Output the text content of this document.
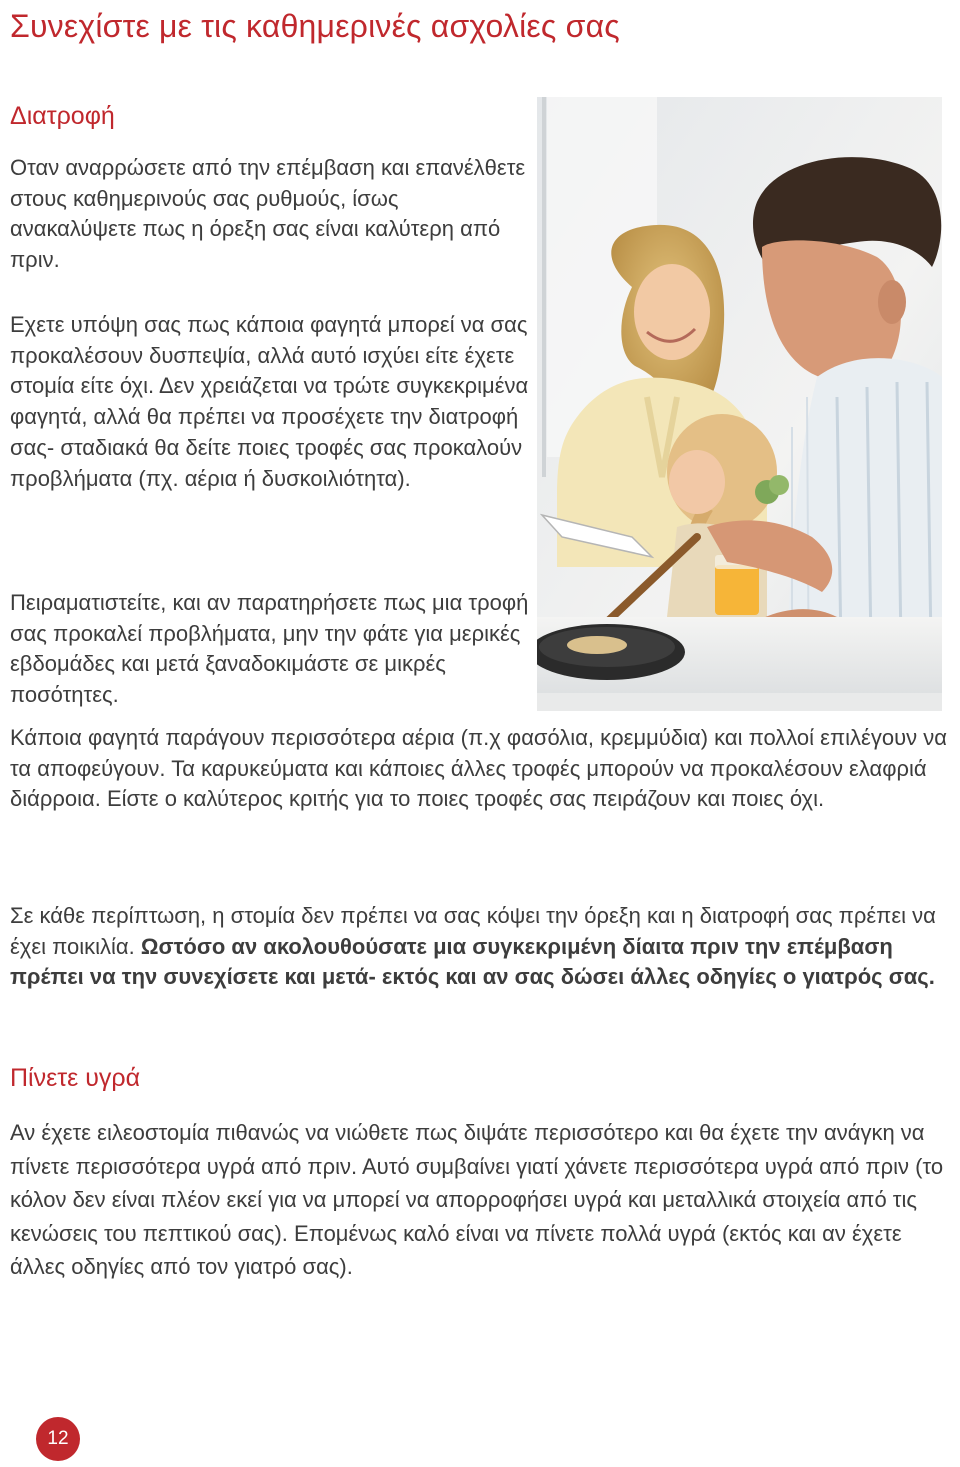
Συνεχίστε με τις καθημερινές ασχολίες σας
Διατροφή

Οταν αναρρώσετε από την επέμβαση και επανέλθετε στους καθημερινούς σας ρυθμούς, ίσως ανακαλύψετε πως η όρεξη σας είναι καλύτερη από πριν.

Εχετε υπόψη σας πως κάποια φαγητά μπορεί να σας προκαλέσουν δυσπεψία, αλλά αυτό ισχύει είτε έχετε στομία είτε όχι. Δεν χρειάζεται να τρώτε συγκεκριμένα φαγητά, αλλά θα πρέπει να προσέχετε την διατροφή σας- σταδιακά θα δείτε ποιες τροφές σας προκαλούν προβλήματα (πχ. αέρια ή δυσκοιλιότητα).

Πειραματιστείτε, και αν παρατηρήσετε πως μια τροφή σας προκαλεί προβλήματα, μην την φάτε για μερικές εβδομάδες και μετά ξαναδοκιμάστε σε μικρές ποσότητες.

Κάποια φαγητά παράγουν περισσότερα αέρια (π.χ φασόλια, κρεμμύδια) και πολλοί επιλέγουν να τα αποφεύγουν. Τα καρυκεύματα και κάποιες άλλες τροφές μπορούν να προκαλέσουν ελαφριά διάρροια. Είστε ο καλύτερος κριτής για το ποιες τροφές σας πειράζουν και ποιες όχι.

Σε κάθε περίπτωση, η στομία δεν πρέπει να σας κόψει την όρεξη και η διατροφή σας πρέπει να έχει ποικιλία. Ωστόσο αν ακολουθούσατε μια συγκεκριμένη δίαιτα πριν την επέμβαση πρέπει να την συνεχίσετε και μετά- εκτός και αν σας δώσει άλλες οδηγίες ο γιατρός σας.

Πίνετε υγρά

Αν έχετε ειλεοστομία πιθανώς να νιώθετε πως διψάτε περισσότερο και θα έχετε την ανάγκη να πίνετε περισσότερα υγρά από πριν. Αυτό συμβαίνει γιατί χάνετε περισσότερα υγρά από πριν (το κόλον δεν είναι πλέον εκεί για να μπορεί να απορροφήσει υγρά και μεταλλικά στοιχεία από τις κενώσεις του πεπτικού σας). Επομένως καλό είναι να πίνετε πολλά υγρά (εκτός και αν έχετε άλλες οδηγίες από τον γιατρό σας).

12
